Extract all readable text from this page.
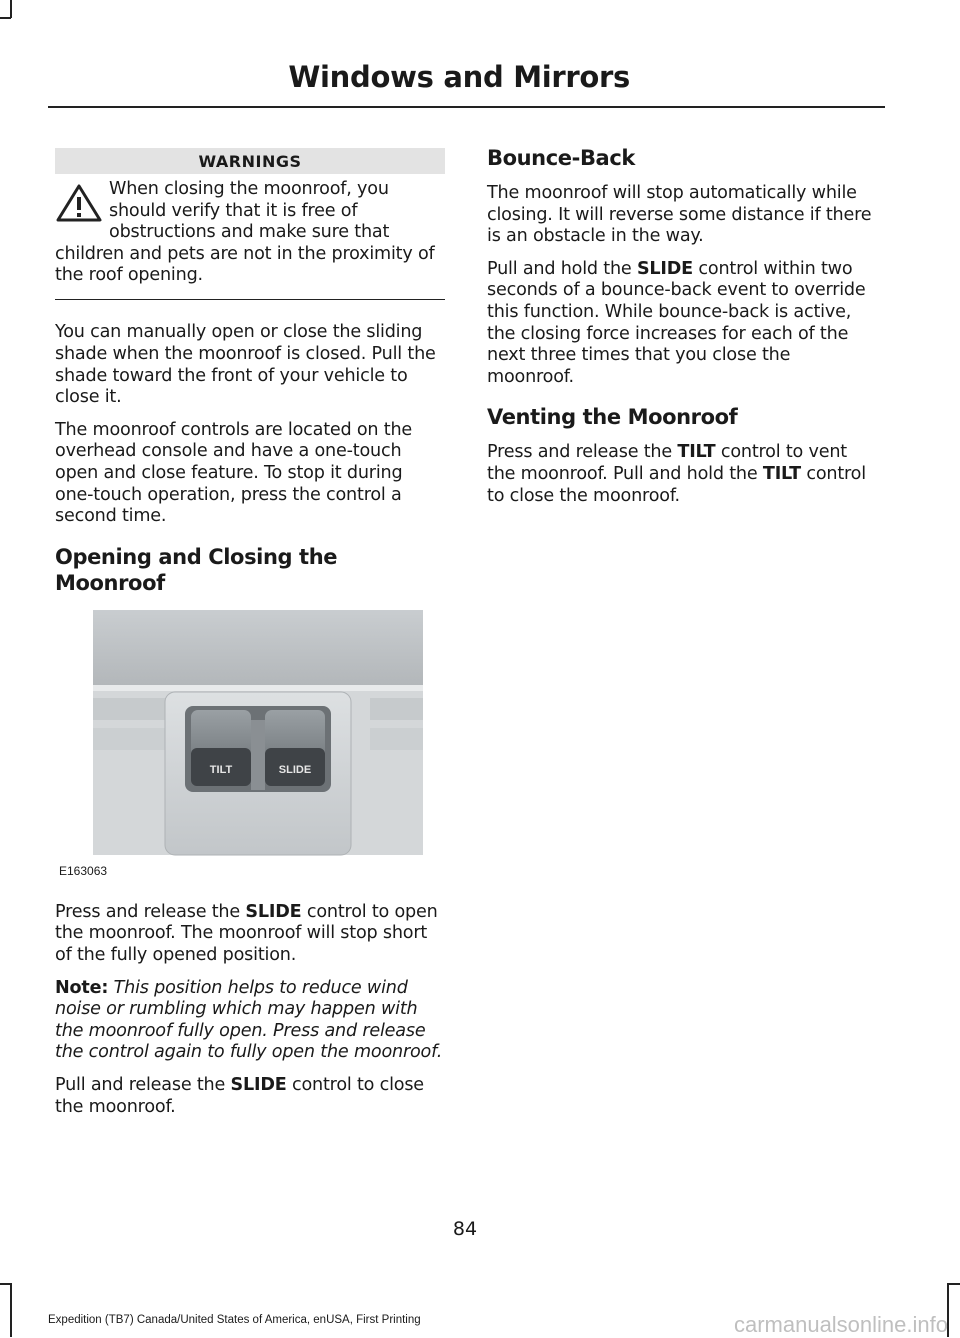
Windows and Mirrors
WARNINGS
When closing the moonroof, you should verify that it is free of obstructions and make sure that children and pets are not in the proximity of the roof opening.

You can manually open or close the sliding shade when the moonroof is closed. Pull the shade toward the front of your vehicle to close it.

The moonroof controls are located on the overhead console and have a one-touch open and close feature. To stop it during one-touch operation, press the control a second time.

Opening and Closing the Moonroof
TILT	SLIDE
E163063

Press and release the SLIDE control to open the moonroof. The moonroof will stop short of the fully opened position.

Note: This position helps to reduce wind noise or rumbling which may happen with the moonroof fully open. Press and release the control again to fully open the moonroof.

Pull and release the SLIDE control to close the moonroof.

Bounce-Back

The moonroof will stop automatically while closing. It will reverse some distance if there is an obstacle in the way.

Pull and hold the SLIDE control within two seconds of a bounce-back event to override this function. While bounce-back is active, the closing force increases for each of the next three times that you close the moonroof.

Venting the Moonroof

Press and release the TILT control to vent the moonroof. Pull and hold the TILT control to close the moonroof.

84
Expedition (TB7) Canada/United States of America, enUSA, First Printing	carmanualsonline.info
